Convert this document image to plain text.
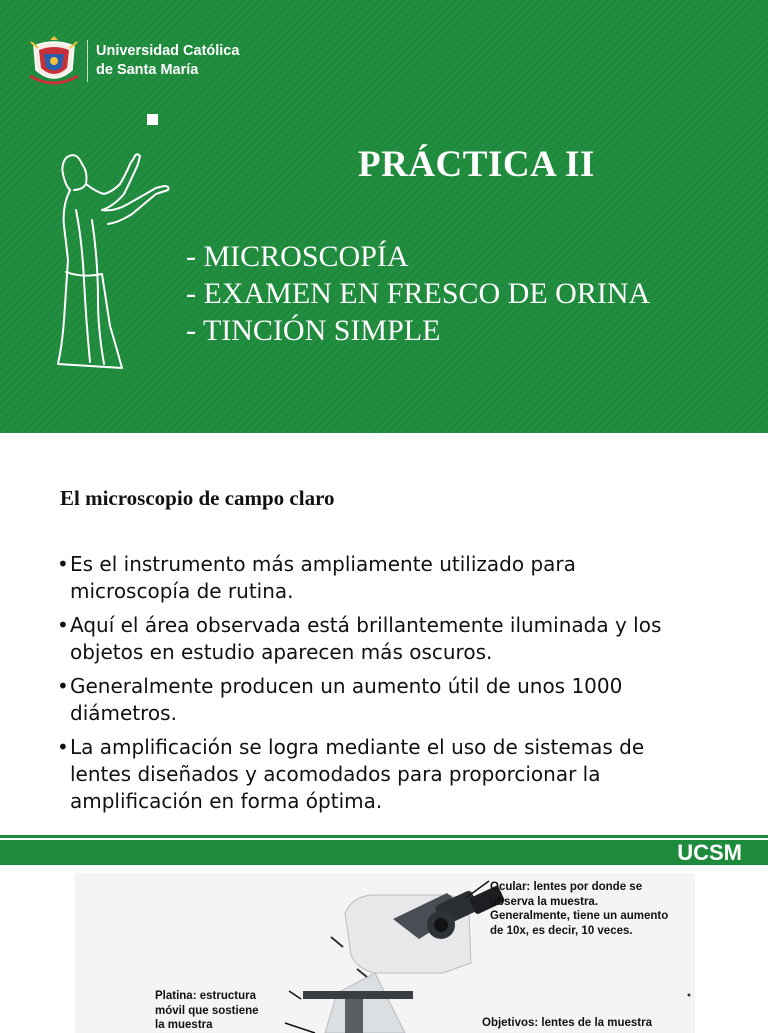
Universidad Católica
de Santa María
PRÁCTICA II
- MICROSCOPÍA
- EXAMEN EN FRESCO DE ORINA
- TINCIÓN SIMPLE
El microscopio de campo claro
• Es el instrumento más ampliamente utilizado para
microscopía de rutina.
• Aquí el área observada está brillantemente iluminada y los
objetos en estudio aparecen más oscuros.
• Generalmente producen un aumento útil de unos 1000
diámetros.
• La amplificación se logra mediante el uso de sistemas de
lentes diseñados y acomodados para proporcionar la
amplificación en forma óptima.
UCSM
Ocular: lentes por donde se
observa la muestra.
Generalmente, tiene un aumento
de 10x, es decir, 10 veces.
Platina: estructura
móvil que sostiene
la muestra	Objetivos: lentes de la muestra
